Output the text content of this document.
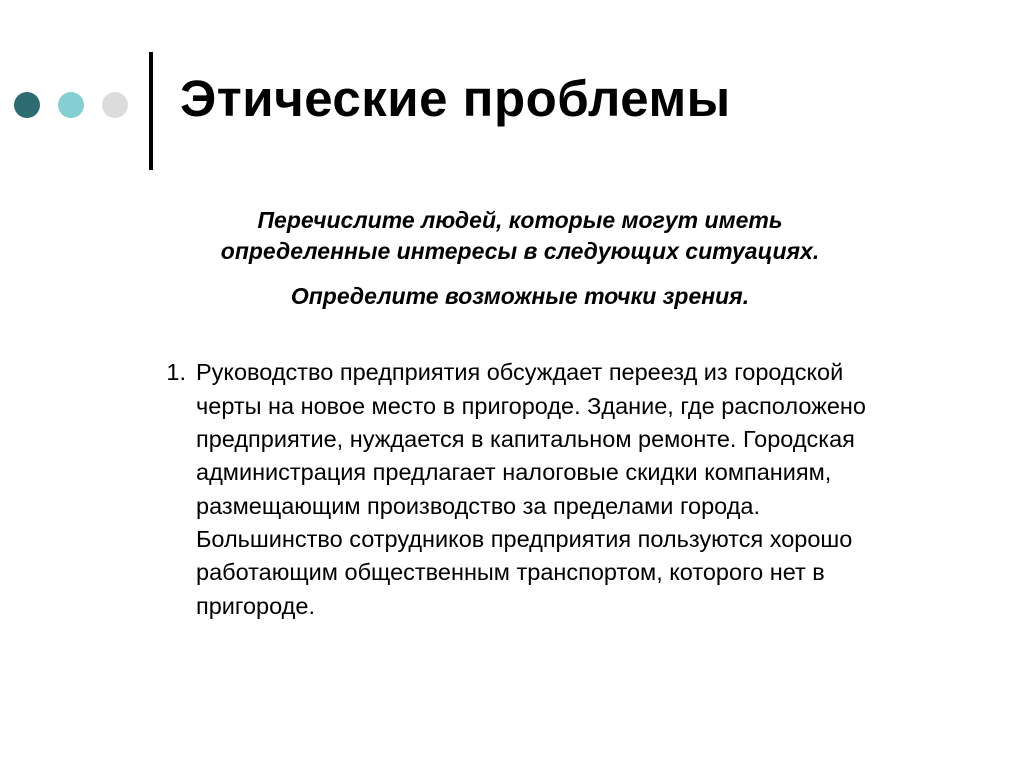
Этические проблемы

Перечислите людей, которые могут иметь определенные интересы в следующих ситуациях.

Определите возможные точки зрения.

1. Руководство предприятия обсуждает переезд из городской черты на новое место в пригороде. Здание, где расположено предприятие, нуждается в капитальном ремонте. Городская администрация предлагает налоговые скидки компаниям, размещающим производство за пределами города. Большинство сотрудников предприятия пользуются хорошо работающим общественным транспортом, которого нет в пригороде.
